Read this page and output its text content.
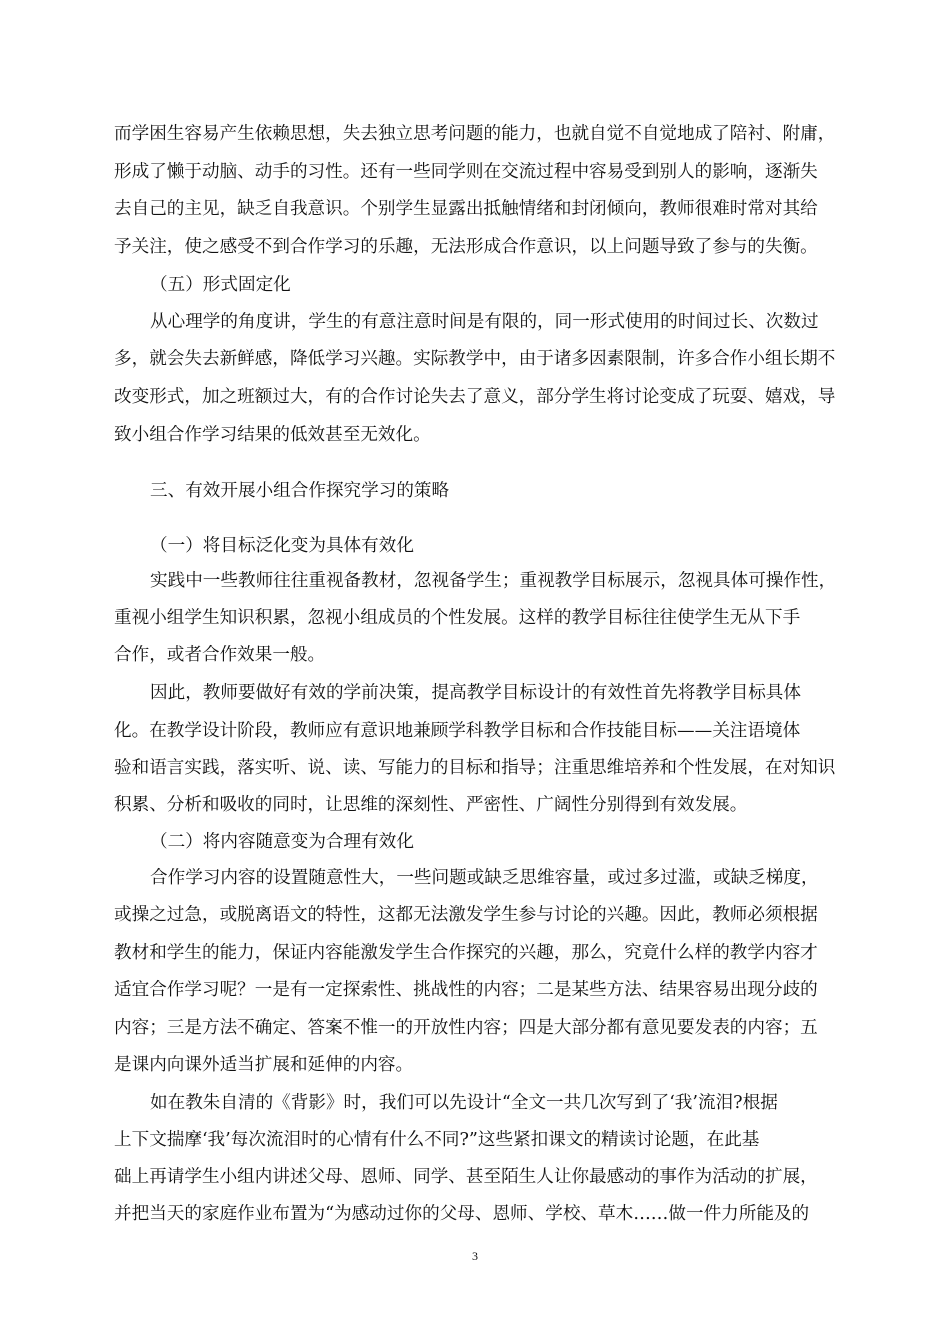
而学困生容易产生依赖思想，失去独立思考问题的能力，也就自觉不自觉地成了陪衬、附庸，
形成了懒于动脑、动手的习性。还有一些同学则在交流过程中容易受到别人的影响，逐渐失
去自己的主见，缺乏自我意识。个别学生显露出抵触情绪和封闭倾向，教师很难时常对其给
予关注，使之感受不到合作学习的乐趣，无法形成合作意识，以上问题导致了参与的失衡。
（五）形式固定化
从心理学的角度讲，学生的有意注意时间是有限的，同一形式使用的时间过长、次数过
多，就会失去新鲜感，降低学习兴趣。实际教学中，由于诸多因素限制，许多合作小组长期不
改变形式，加之班额过大，有的合作讨论失去了意义，部分学生将讨论变成了玩耍、嬉戏，导
致小组合作学习结果的低效甚至无效化。
三、有效开展小组合作探究学习的策略
（一）将目标泛化变为具体有效化
实践中一些教师往往重视备教材，忽视备学生；重视教学目标展示，忽视具体可操作性，
重视小组学生知识积累，忽视小组成员的个性发展。这样的教学目标往往使学生无从下手
合作，或者合作效果一般。
因此，教师要做好有效的学前决策，提高教学目标设计的有效性首先将教学目标具体
化。在教学设计阶段，教师应有意识地兼顾学科教学目标和合作技能目标——关注语境体
验和语言实践，落实听、说、读、写能力的目标和指导；注重思维培养和个性发展，在对知识
积累、分析和吸收的同时，让思维的深刻性、严密性、广阔性分别得到有效发展。
（二）将内容随意变为合理有效化
合作学习内容的设置随意性大，一些问题或缺乏思维容量，或过多过滥，或缺乏梯度，
或操之过急，或脱离语文的特性，这都无法激发学生参与讨论的兴趣。因此，教师必须根据
教材和学生的能力，保证内容能激发学生合作探究的兴趣，那么，究竟什么样的教学内容才
适宜合作学习呢？一是有一定探索性、挑战性的内容；二是某些方法、结果容易出现分歧的
内容；三是方法不确定、答案不惟一的开放性内容；四是大部分都有意见要发表的内容；五
是课内向课外适当扩展和延伸的内容。
如在教朱自清的《背影》时，我们可以先设计“全文一共几次写到了‘我’流泪?根据
上下文揣摩‘我’每次流泪时的心情有什么不同?”这些紧扣课文的精读讨论题，在此基
础上再请学生小组内讲述父母、恩师、同学、甚至陌生人让你最感动的事作为活动的扩展，
并把当天的家庭作业布置为“为感动过你的父母、恩师、学校、草木……做一件力所能及的
3
